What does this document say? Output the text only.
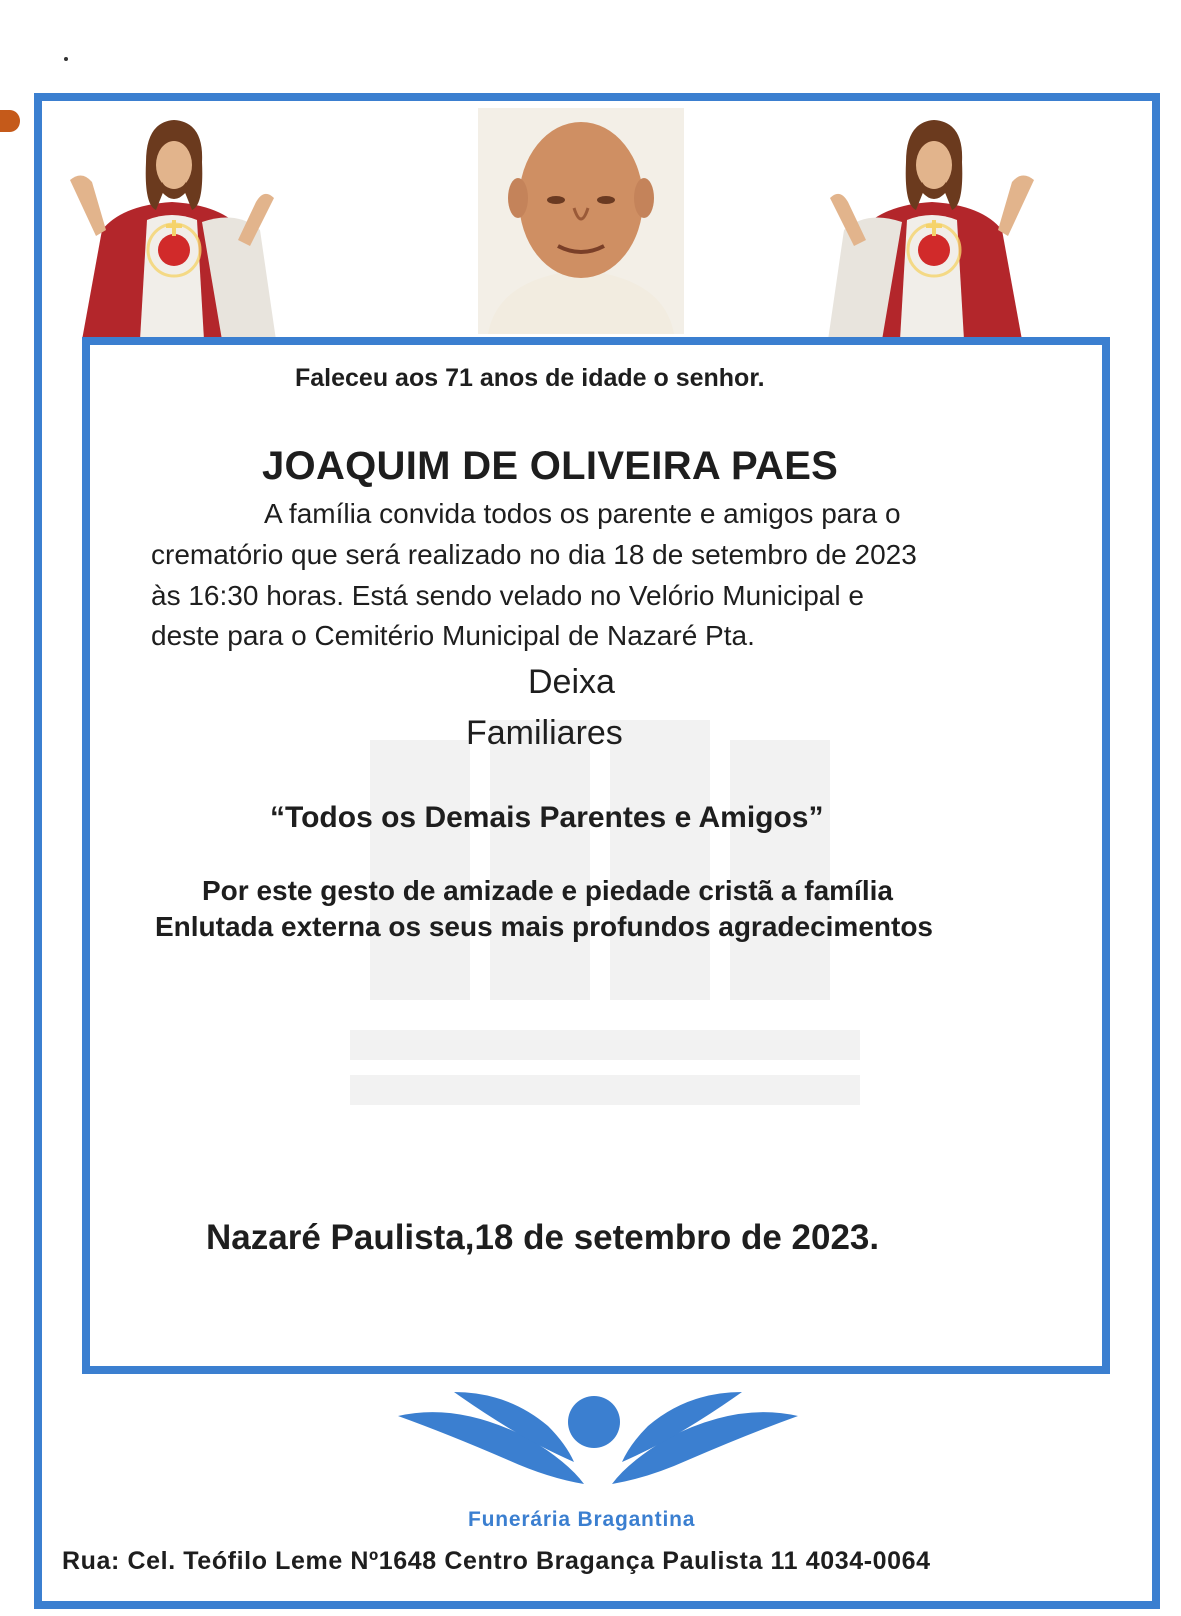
Faleceu aos 71 anos de idade o senhor.
JOAQUIM DE OLIVEIRA PAES
A família convida todos os parente e amigos para o
crematório que será realizado no dia 18 de setembro de 2023
às 16:30 horas. Está sendo velado no Velório Municipal e
deste para o Cemitério Municipal de Nazaré Pta.
Deixa
Familiares
“Todos os Demais Parentes e Amigos”
Por este gesto de amizade e piedade cristã a família
Enlutada externa os seus mais profundos agradecimentos
Nazaré Paulista,18 de setembro de 2023.
Funerária Bragantina
Rua: Cel. Teófilo Leme Nº1648 Centro Bragança Paulista 11 4034-0064
